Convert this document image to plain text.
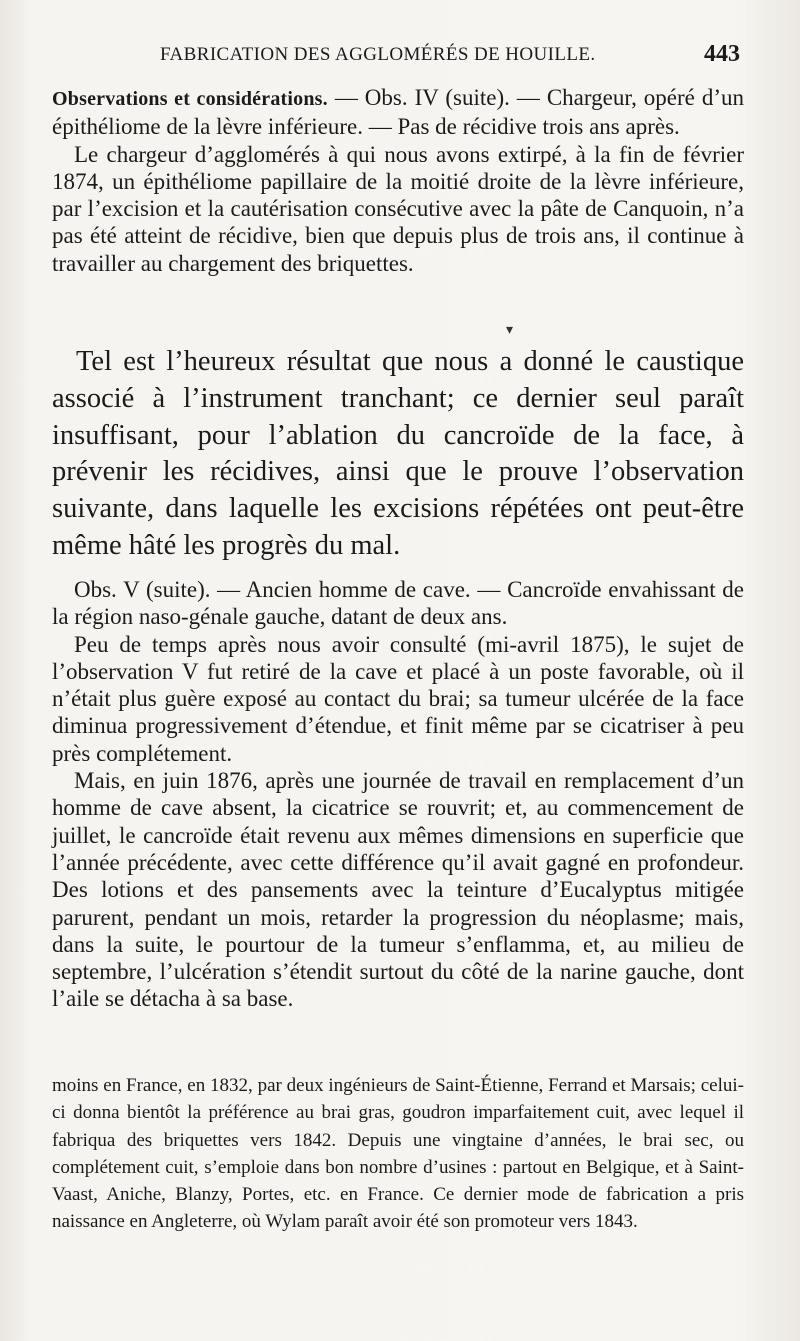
FABRICATION DES AGGLOMÉRÉS DE HOUILLE.	443

Observations et considérations. — Obs. IV (suite). — Chargeur, opéré d’un épithéliome de la lèvre inférieure. — Pas de récidive trois ans après.

Le chargeur d’agglomérés à qui nous avons extirpé, à la fin de février 1874, un épithéliome papillaire de la moitié droite de la lèvre inférieure, par l’excision et la cautérisation consécutive avec la pâte de Canquoin, n’a pas été atteint de récidive, bien que depuis plus de trois ans, il continue à travailler au chargement des briquettes.

▾

Tel est l’heureux résultat que nous a donné le caustique associé à l’instrument tranchant; ce dernier seul paraît insuffisant, pour l’ablation du cancroïde de la face, à prévenir les récidives, ainsi que le prouve l’observation suivante, dans laquelle les excisions répétées ont peut-être même hâté les progrès du mal.

Obs. V (suite). — Ancien homme de cave. — Cancroïde envahissant de la région naso-génale gauche, datant de deux ans.

Peu de temps après nous avoir consulté (mi-avril 1875), le sujet de l’observation V fut retiré de la cave et placé à un poste favorable, où il n’était plus guère exposé au contact du brai; sa tumeur ulcérée de la face diminua progressivement d’étendue, et finit même par se cicatriser à peu près complétement.

Mais, en juin 1876, après une journée de travail en remplacement d’un homme de cave absent, la cicatrice se rouvrit; et, au commencement de juillet, le cancroïde était revenu aux mêmes dimensions en superficie que l’année précédente, avec cette différence qu’il avait gagné en profondeur. Des lotions et des pansements avec la teinture d’Eucalyptus mitigée parurent, pendant un mois, retarder la progression du néoplasme; mais, dans la suite, le pourtour de la tumeur s’enflamma, et, au milieu de septembre, l’ulcération s’étendit surtout du côté de la narine gauche, dont l’aile se détacha à sa base.

moins en France, en 1832, par deux ingénieurs de Saint-Étienne, Ferrand et Marsais; celui-ci donna bientôt la préférence au brai gras, goudron imparfaitement cuit, avec lequel il fabriqua des briquettes vers 1842. Depuis une vingtaine d’années, le brai sec, ou complétement cuit, s’emploie dans bon nombre d’usines : partout en Belgique, et à Saint-Vaast, Aniche, Blanzy, Portes, etc. en France. Ce dernier mode de fabrication a pris naissance en Angleterre, où Wylam paraît avoir été son promoteur vers 1843.
